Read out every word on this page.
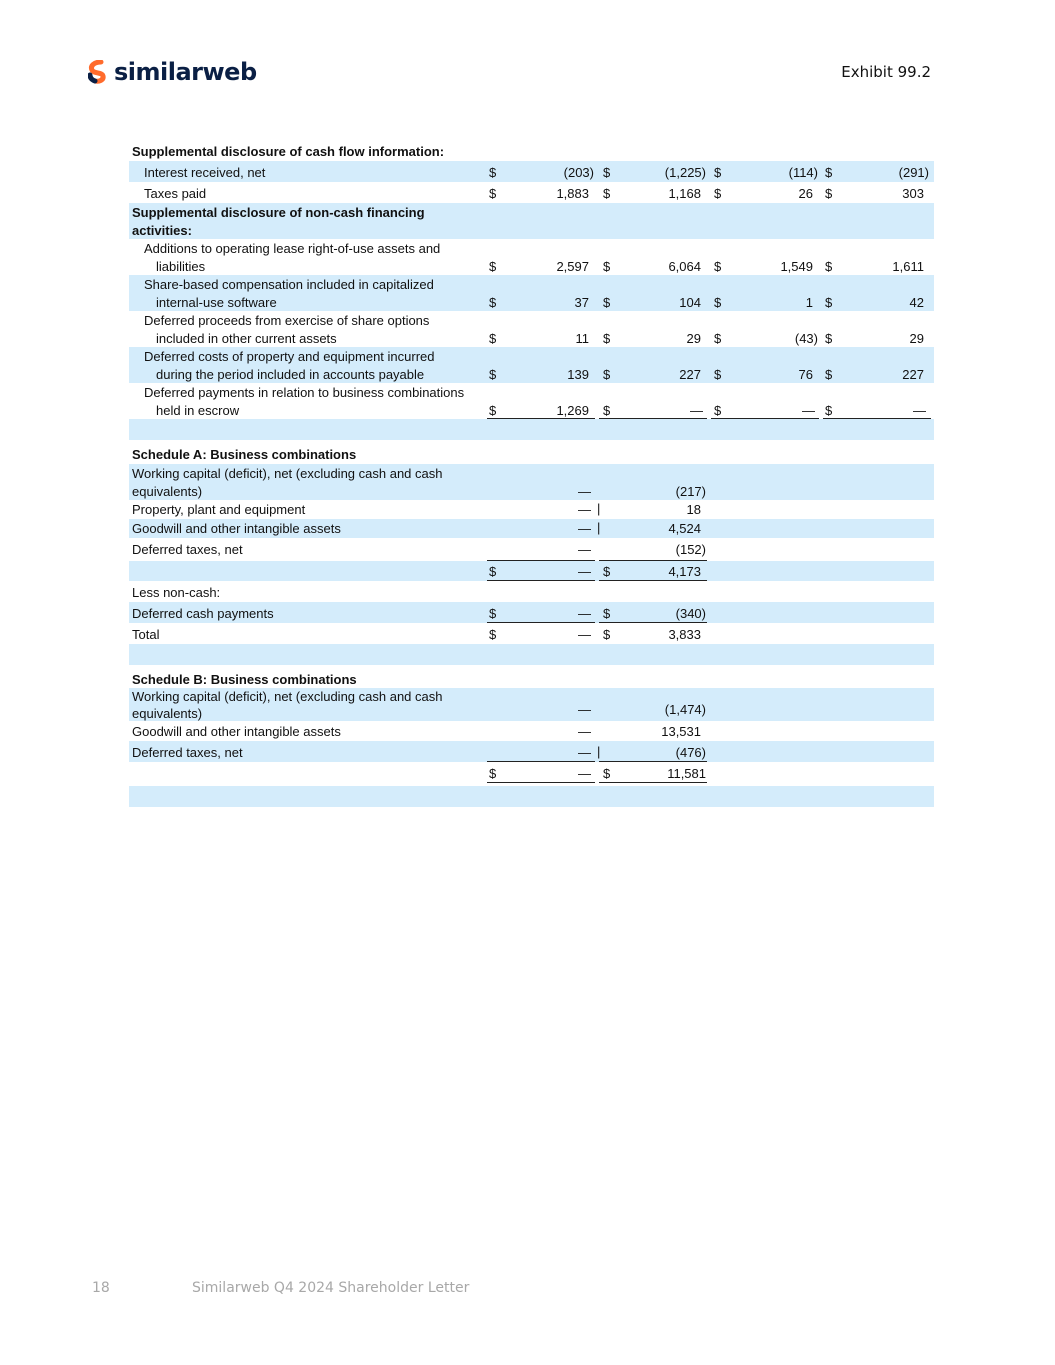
similarweb	Exhibit 99.2
Supplemental disclosure of cash flow information:
Interest received, net	$	(203) $	(1,225) $	(114) $	(291)
Taxes paid	$	1,883 $	1,168 $	26 $	303
Supplemental disclosure of non-cash financing
activities:
Additions to operating lease right-of-use assets and
liabilities	$	2,597 $	6,064 $	1,549 $	1,611
Share-based compensation included in capitalized
internal-use software	$	37 $	104 $	1 $	42
Deferred proceeds from exercise of share options
included in other current assets	$	11 $	29 $	(43) $	29
Deferred costs of property and equipment incurred
during the period included in accounts payable	$	139 $	227 $	76 $	227
Deferred payments in relation to business combinations
held in escrow	$	1,269 $	— $	— $	—
Schedule A: Business combinations
Working capital (deficit), net (excluding cash and cash
equivalents)	—	(217)
Property, plant and equipment	— |	18
Goodwill and other intangible assets	— |	4,524
Deferred taxes, net	—	(152)
$	— $	4,173
Less non-cash:
Deferred cash payments	$	— $	(340)
Total	$	— $	3,833
Schedule B: Business combinations
Working capital (deficit), net (excluding cash and cash
equivalents)	—	(1,474)
Goodwill and other intangible assets	—	13,531
Deferred taxes, net	— |	(476)
$	— $	11,581
18	Similarweb Q4 2024 Shareholder Letter
